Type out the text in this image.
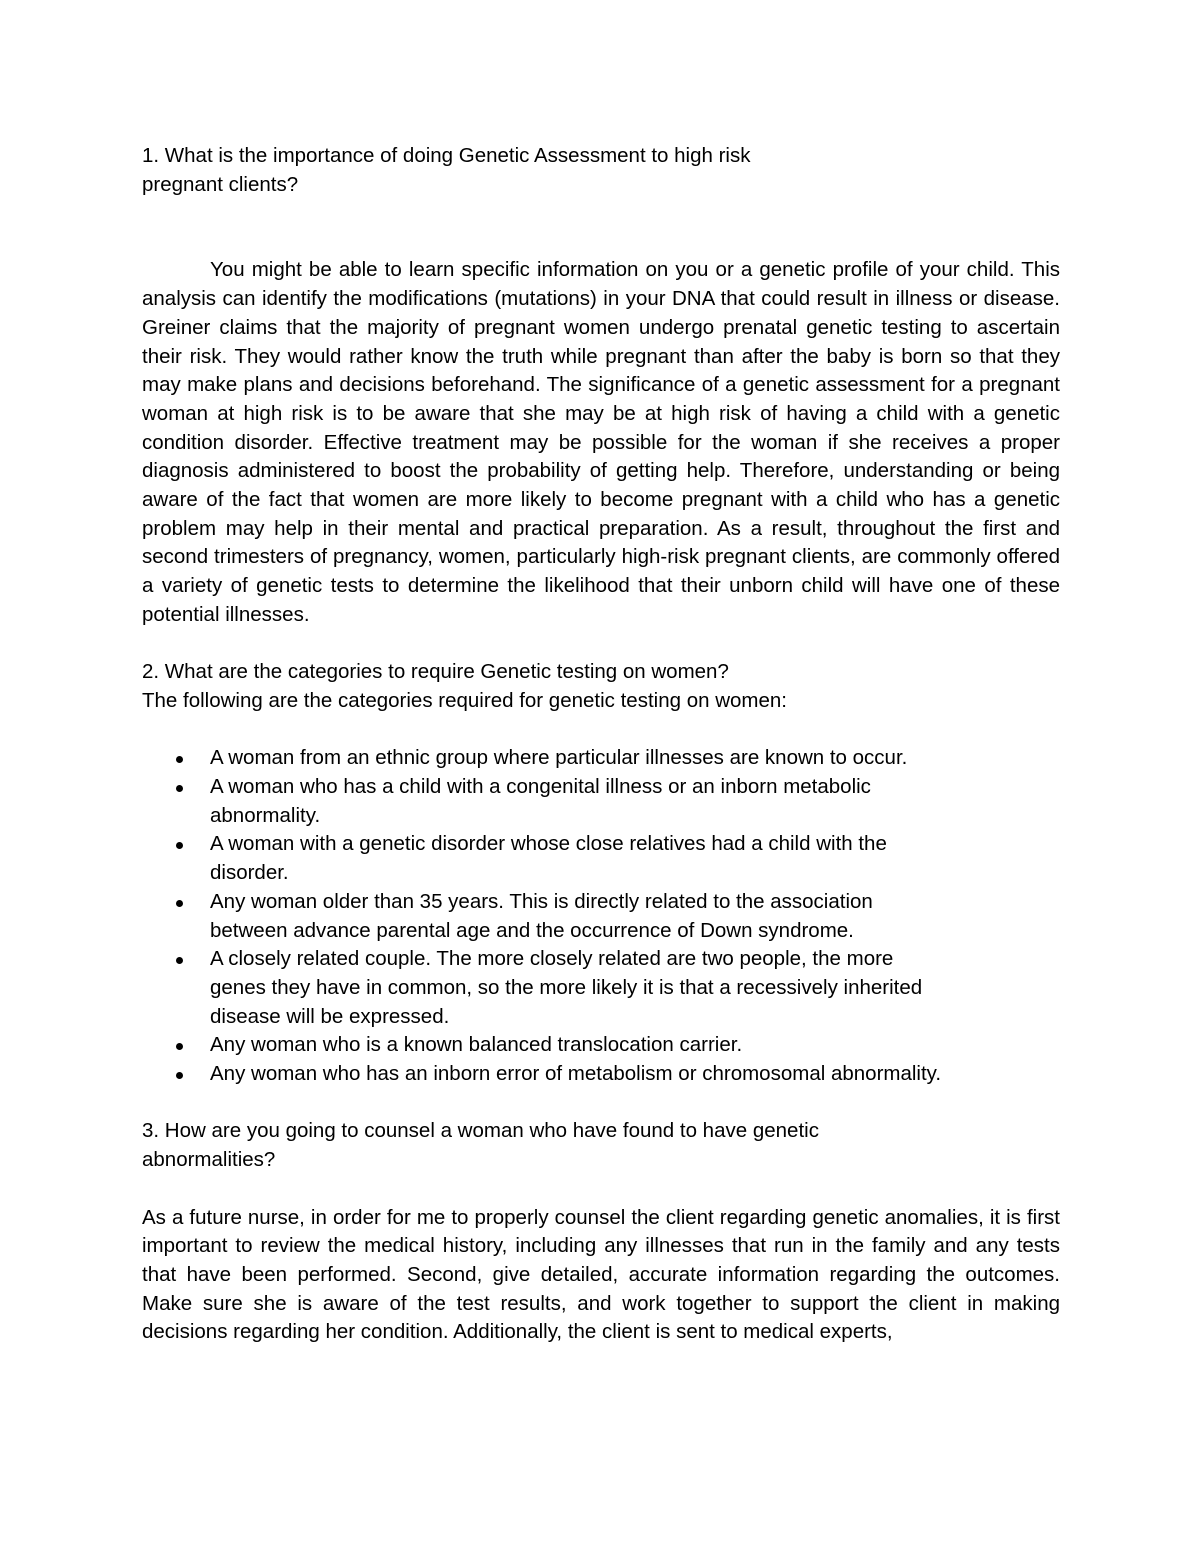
1. What is the importance of doing Genetic Assessment to high risk

pregnant clients?

You might be able to learn specific information on you or a genetic profile of your child. This analysis can identify the modifications (mutations) in your DNA that could result in illness or disease. Greiner claims that the majority of pregnant women undergo prenatal genetic testing to ascertain their risk. They would rather know the truth while pregnant than after the baby is born so that they may make plans and decisions beforehand. The significance of a genetic assessment for a pregnant woman at high risk is to be aware that she may be at high risk of having a child with a genetic condition disorder. Effective treatment may be possible for the woman if she receives a proper diagnosis administered to boost the probability of getting help. Therefore, understanding or being aware of the fact that women are more likely to become pregnant with a child who has a genetic problem may help in their mental and practical preparation. As a result, throughout the first and second trimesters of pregnancy, women, particularly high-risk pregnant clients, are commonly offered a variety of genetic tests to determine the likelihood that their unborn child will have one of these potential illnesses.

2. What are the categories to require Genetic testing on women?

The following are the categories required for genetic testing on women:

A woman from an ethnic group where particular illnesses are known to occur.
A woman who has a child with a congenital illness or an inborn metabolic abnormality.
A woman with a genetic disorder whose close relatives had a child with the disorder.
Any woman older than 35 years. This is directly related to the association between advance parental age and the occurrence of Down syndrome.
A closely related couple. The more closely related are two people, the more genes they have in common, so the more likely it is that a recessively inherited disease will be expressed.
Any woman who is a known balanced translocation carrier.
Any woman who has an inborn error of metabolism or chromosomal abnormality.

3. How are you going to counsel a woman who have found to have genetic

abnormalities?

As a future nurse, in order for me to properly counsel the client regarding genetic anomalies, it is first important to review the medical history, including any illnesses that run in the family and any tests that have been performed. Second, give detailed, accurate information regarding the outcomes. Make sure she is aware of the test results, and work together to support the client in making decisions regarding her condition. Additionally, the client is sent to medical experts,
